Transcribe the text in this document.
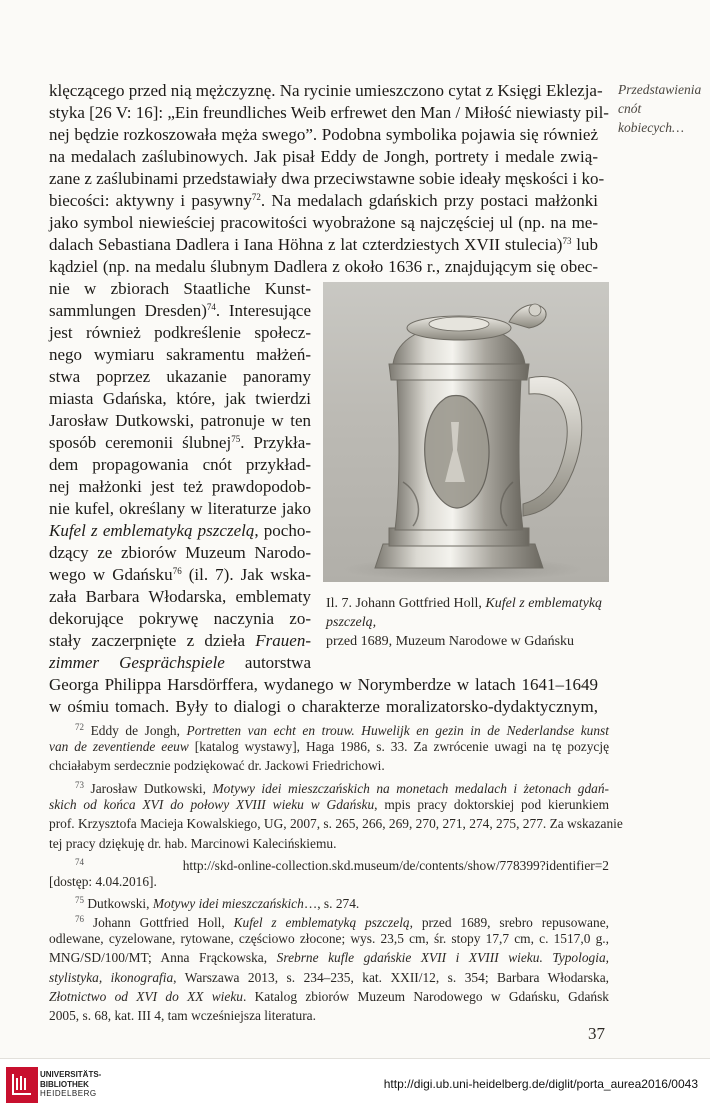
Przedstawienia
cnót
kobiecych…
klęczącego przed nią mężczyznę. Na rycinie umieszczono cytat z Księgi Eklezja-
styka [26 V: 16]: „Ein freundliches Weib erfrewet den Man / Miłość niewiasty pil-
nej będzie rozkoszowała męża swego”. Podobna symbolika pojawia się również
na medalach zaślubinowych. Jak pisał Eddy de Jongh, portrety i medale zwią-
zane z zaślubinami przedstawiały dwa przeciwstawne sobie ideały męskości i ko-
biecości: aktywny i pasywny$^{72}$. Na medalach gdańskich przy postaci małżonki
jako symbol niewieściej pracowitości wyobrażone są najczęściej ul (np. na me-
dalach Sebastiana Dadlera i Iana Höhna z lat czterdziestych XVII stulecia)$^{73}$ lub
kądziel (np. na medalu ślubnym Dadlera z około 1636 r., znajdującym się obec-
nie w zbiorach Staatliche Kunst-
sammlungen Dresden)$^{74}$. Interesujące
jest również podkreślenie społecz-
nego wymiaru sakramentu małżeń-
stwa poprzez ukazanie panoramy
miasta Gdańska, które, jak twierdzi
Jarosław Dutkowski, patronuje w ten
sposób ceremonii ślubnej$^{75}$. Przykła-
dem propagowania cnót przykład-
nej małżonki jest też prawdopodob-
nie kufel, określany w literaturze jako
Kufel z emblematyką pszczelą, pocho-
dzący ze zbiorów Muzeum Narodo-
wego w Gdańsku$^{76}$ (il. 7). Jak wska-
zała Barbara Włodarska, emblematy
dekorujące pokrywę naczynia zo-
stały zaczerpnięte z dzieła Frauen-
zimmer Gesprächspiele autorstwa
Georga Philippa Harsdörffera, wydanego w Norymberdze w latach 1641–1649
w ośmiu tomach. Były to dialogi o charakterze moralizatorsko-dydaktycznym,
Il. 7. Johann Gottfried Holl, Kufel z emblematyką pszczelą,
przed 1689, Muzeum Narodowe w Gdańsku
$^{72}$ Eddy de Jongh, Portretten van echt en trouw. Huwelijk en gezin in de Nederlandse kunst
van de zeventiende eeuw [katalog wystawy], Haga 1986, s. 33. Za zwrócenie uwagi na tę pozycję
chciałabym serdecznie podziękować dr. Jackowi Friedrichowi.
$^{73}$ Jarosław Dutkowski, Motywy idei mieszczańskich na monetach medalach i żetonach gdań-
skich od końca XVI do połowy XVIII wieku w Gdańsku, mpis pracy doktorskiej pod kierunkiem
prof. Krzysztofa Macieja Kowalskiego, UG, 2007, s. 265, 266, 269, 270, 271, 274, 275, 277. Za wskazanie
tej pracy dziękuję dr. hab. Marcinowi Kalecińskiemu.
$^{74}$	http://skd-online-collection.skd.museum/de/contents/show/778399?identifier=2
[dostęp: 4.04.2016].
$^{75}$ Dutkowski, Motywy idei mieszczańskich…, s. 274.
$^{76}$ Johann Gottfried Holl, Kufel z emblematyką pszczelą, przed 1689, srebro repusowane,
odlewane, cyzelowane, rytowane, częściowo złocone; wys. 23,5 cm, śr. stopy 17,7 cm, c. 1517,0 g.,
MNG/SD/100/MT; Anna Frąckowska, Srebrne kufle gdańskie XVII i XVIII wieku. Typologia,
stylistyka, ikonografia, Warszawa 2013, s. 234–235, kat. XXII/12, s. 354; Barbara Włodarska,
Złotnictwo od XVI do XX wieku. Katalog zbiorów Muzeum Narodowego w Gdańsku, Gdańsk
2005, s. 68, kat. III 4, tam wcześniejsza literatura.
37
UNIVERSITÄTS-
BIBLIOTHEK
HEIDELBERG
http://digi.ub.uni-heidelberg.de/diglit/porta_aurea2016/0043
